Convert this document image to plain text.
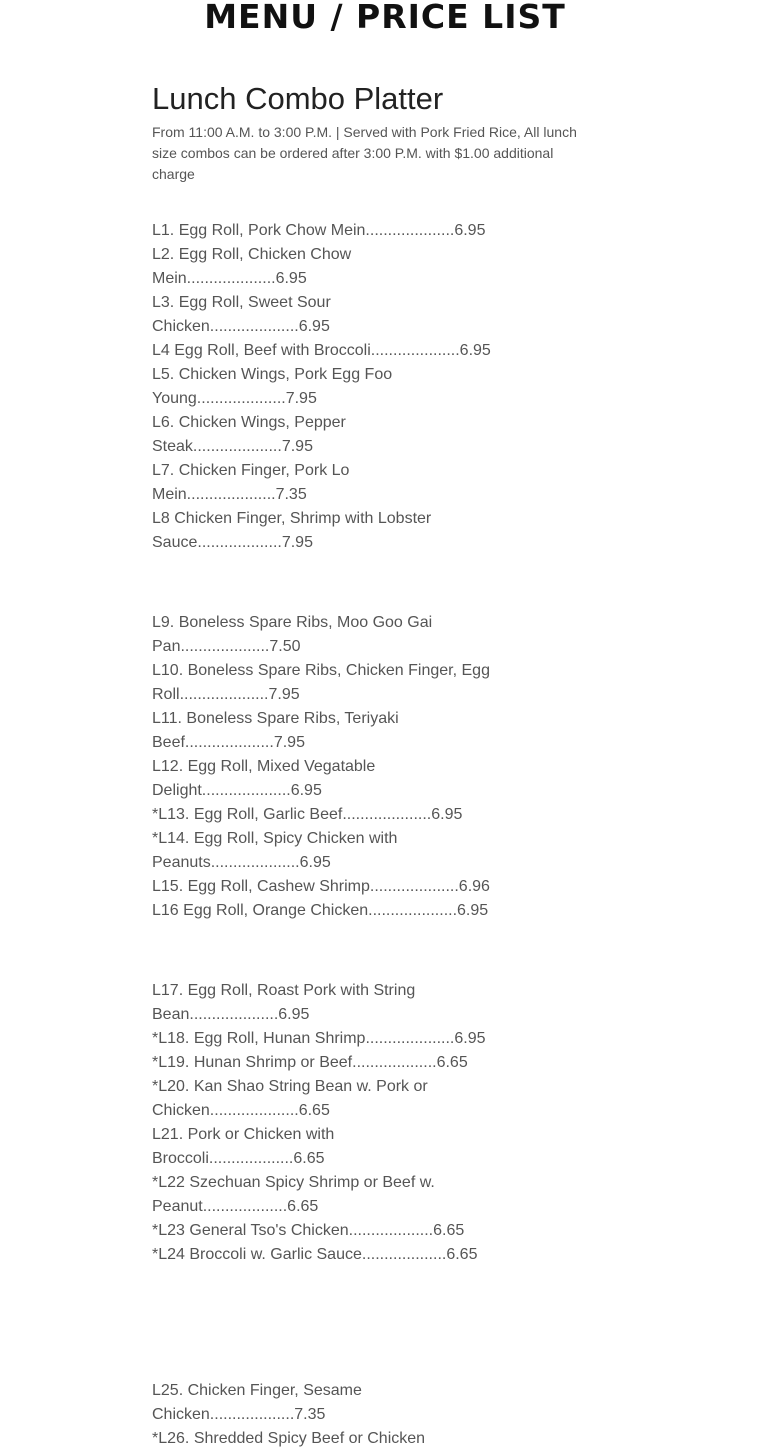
MENU / PRICE LIST
Lunch Combo Platter

From 11:00 A.M. to 3:00 P.M. | Served with Pork Fried Rice, All lunch size combos can be ordered after 3:00 P.M. with $1.00 additional charge

L1. Egg Roll, Pork Chow Mein....................6.95

L2. Egg Roll, Chicken Chow Mein....................6.95

L3. Egg Roll, Sweet Sour Chicken....................6.95

L4 Egg Roll, Beef with Broccoli....................6.95

L5. Chicken Wings, Pork Egg Foo Young....................7.95

L6. Chicken Wings, Pepper Steak....................7.95

L7. Chicken Finger, Pork Lo Mein....................7.35

L8 Chicken Finger, Shrimp with Lobster Sauce...................7.95

L9. Boneless Spare Ribs, Moo Goo Gai Pan....................7.50

L10. Boneless Spare Ribs, Chicken Finger, Egg Roll....................7.95

L11. Boneless Spare Ribs, Teriyaki Beef....................7.95

L12. Egg Roll, Mixed Vegatable Delight....................6.95

*L13. Egg Roll, Garlic Beef....................6.95

*L14. Egg Roll, Spicy Chicken with Peanuts....................6.95

L15. Egg Roll, Cashew Shrimp....................6.96

L16 Egg Roll, Orange Chicken....................6.95

L17. Egg Roll, Roast Pork with String Bean....................6.95

*L18. Egg Roll, Hunan Shrimp....................6.95

*L19. Hunan Shrimp or Beef...................6.65

*L20. Kan Shao String Bean w. Pork or Chicken....................6.65

L21. Pork or Chicken with Broccoli...................6.65

*L22 Szechuan Spicy Shrimp or Beef w. Peanut...................6.65

*L23 General Tso's Chicken...................6.65

*L24 Broccoli w. Garlic Sauce...................6.65

L25. Chicken Finger, Sesame Chicken...................7.35

*L26. Shredded Spicy Beef or Chicken
